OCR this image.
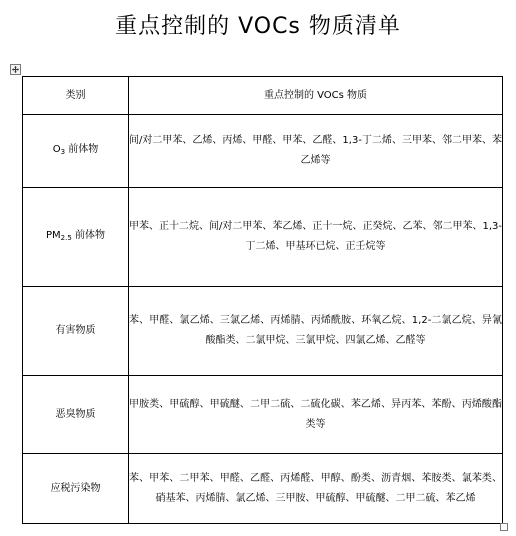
重点控制的 VOCs 物质清单
类别	重点控制的 VOCs 物质
$O_3$ 前体物	间/对二甲苯、乙烯、丙烯、甲醛、甲苯、乙醛、1,3-丁二烯、三甲苯、邻二甲苯、苯乙烯等
$PM_{2.5}$ 前体物	甲苯、正十二烷、间/对二甲苯、苯乙烯、正十一烷、正癸烷、乙苯、邻二甲苯、1,3-丁二烯、甲基环已烷、正壬烷等
有害物质	苯、甲醛、氯乙烯、三氯乙烯、丙烯腈、丙烯酰胺、环氧乙烷、1,2-二氯乙烷、异氰酸酯类、二氯甲烷、三氯甲烷、四氯乙烯、乙醛等
恶臭物质	甲胺类、甲硫醇、甲硫醚、二甲二硫、二硫化碳、苯乙烯、异丙苯、苯酚、丙烯酸酯类等
应税污染物	苯、甲苯、二甲苯、甲醛、乙醛、丙烯醛、甲醇、酚类、沥青烟、苯胺类、氯苯类、硝基苯、丙烯腈、氯乙烯、三甲胺、甲硫醇、甲硫醚、二甲二硫、苯乙烯
